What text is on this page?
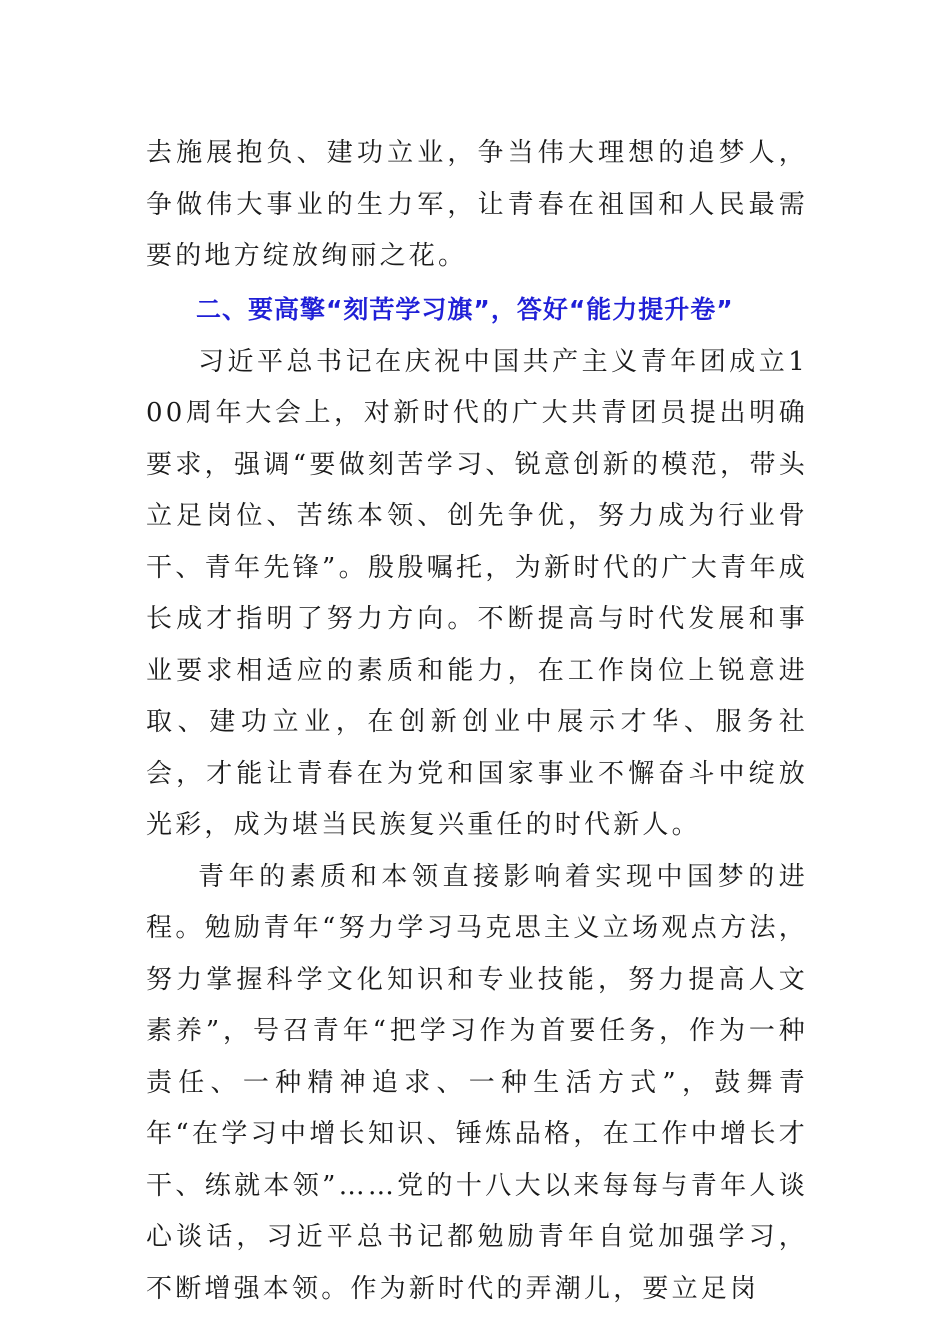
去施展抱负、建功立业，争当伟大理想的追梦人，争做伟大事业的生力军，让青春在祖国和人民最需要的地方绽放绚丽之花。

二、要高擎“刻苦学习旗”，答好“能力提升卷”

习近平总书记在庆祝中国共产主义青年团成立100周年大会上，对新时代的广大共青团员提出明确要求，强调“要做刻苦学习、锐意创新的模范，带头立足岗位、苦练本领、创先争优，努力成为行业骨干、青年先锋”。殷殷嘱托，为新时代的广大青年成长成才指明了努力方向。不断提高与时代发展和事业要求相适应的素质和能力，在工作岗位上锐意进取、建功立业，在创新创业中展示才华、服务社会，才能让青春在为党和国家事业不懈奋斗中绽放光彩，成为堪当民族复兴重任的时代新人。

青年的素质和本领直接影响着实现中国梦的进程。勉励青年“努力学习马克思主义立场观点方法，努力掌握科学文化知识和专业技能，努力提高人文素养”，号召青年“把学习作为首要任务，作为一种责任、一种精神追求、一种生活方式”，鼓舞青年“在学习中增长知识、锤炼品格，在工作中增长才干、练就本领”……党的十八大以来每每与青年人谈心谈话，习近平总书记都勉励青年自觉加强学习，不断增强本领。作为新时代的弄潮儿，要立足岗
